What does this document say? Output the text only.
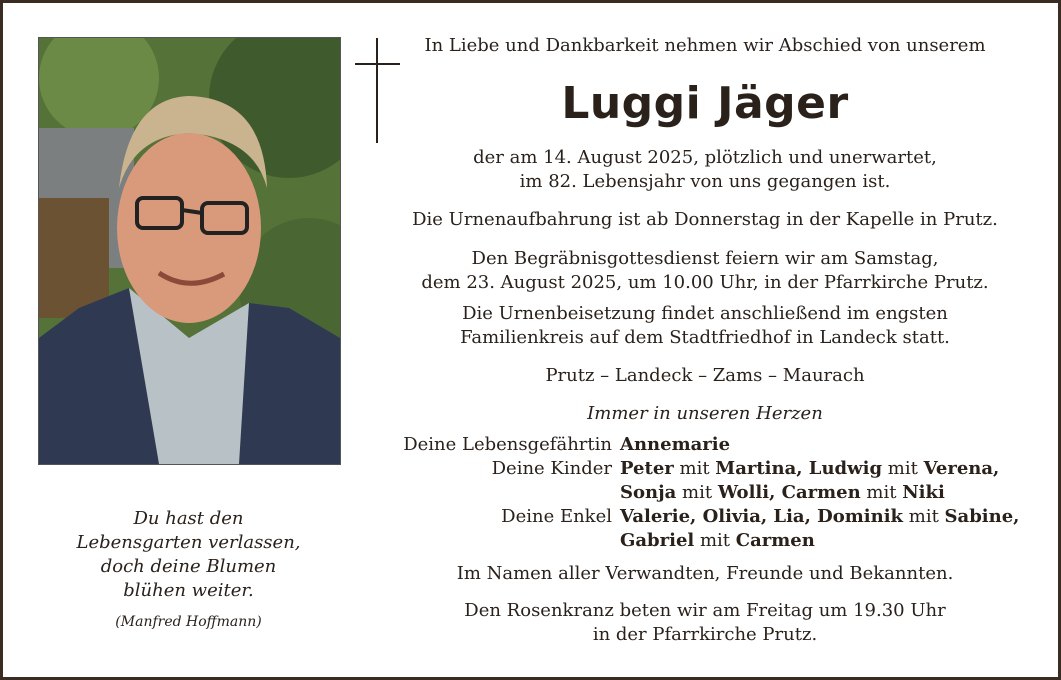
Du hast den
Lebensgarten verlassen,
doch deine Blumen
blühen weiter.
(Manfred Hoffmann)
In Liebe und Dankbarkeit nehmen wir Abschied von unserem
Luggi Jäger
der am 14. August 2025, plötzlich und unerwartet,
im 82. Lebensjahr von uns gegangen ist.
Die Urnenaufbahrung ist ab Donnerstag in der Kapelle in Prutz.
Den Begräbnisgottesdienst feiern wir am Samstag,
dem 23. August 2025, um 10.00 Uhr, in der Pfarrkirche Prutz.
Die Urnenbeisetzung findet anschließend im engsten
Familienkreis auf dem Stadtfriedhof in Landeck statt.
Prutz – Landeck – Zams – Maurach
Immer in unseren Herzen
Deine Lebensgefährtin Annemarie
Deine Kinder Peter mit Martina, Ludwig mit Verena,
Sonja mit Wolli, Carmen mit Niki
Deine Enkel Valerie, Olivia, Lia, Dominik mit Sabine,
Gabriel mit Carmen
Im Namen aller Verwandten, Freunde und Bekannten.
Den Rosenkranz beten wir am Freitag um 19.30 Uhr
in der Pfarrkirche Prutz.
